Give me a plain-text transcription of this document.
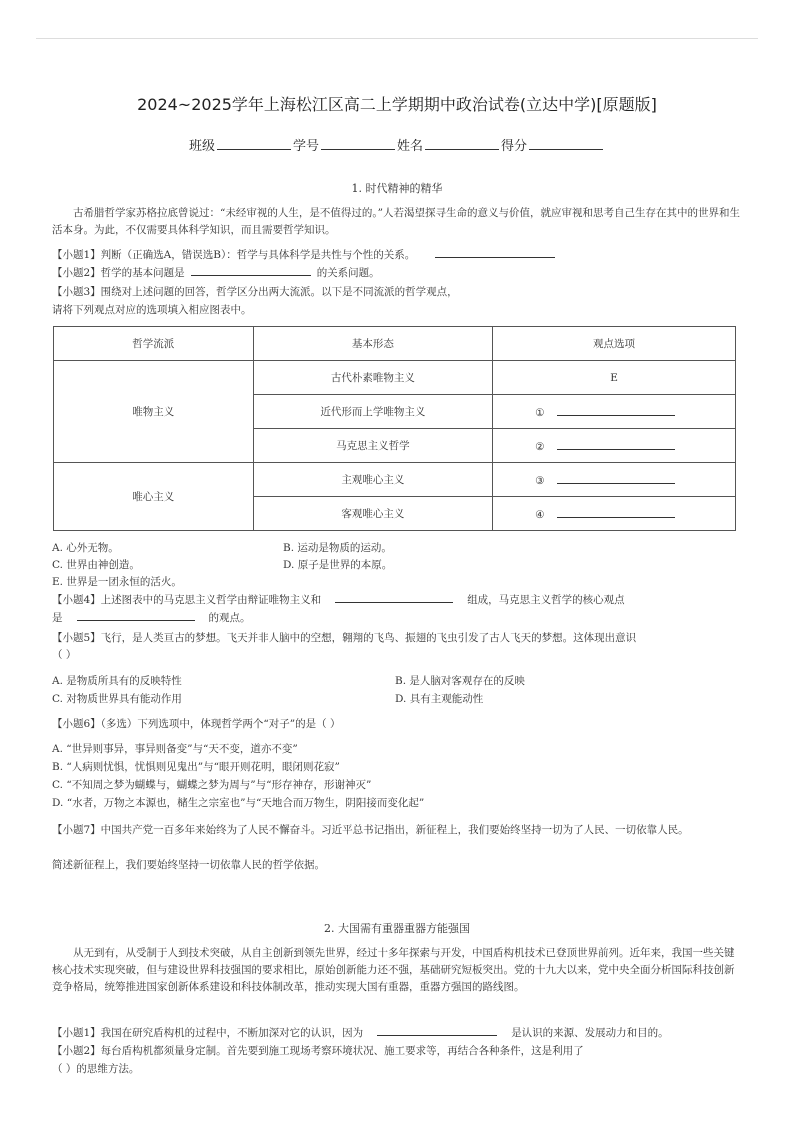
2024~2025学年上海松江区高二上学期期中政治试卷(立达中学)[原题版]
班级	学号	姓名	得分
1. 时代精神的精华
古希腊哲学家苏格拉底曾说过：“未经审视的人生，是不值得过的。”人若渴望探寻生命的意义与价值，就应审视和思考自己生存在其中的世界和生活本身。为此，不仅需要具体科学知识，而且需要哲学知识。
【小题1】判断（正确选A，错误选B）：哲学与具体科学是共性与个性的关系。
【小题2】哲学的基本问题是	的关系问题。
【小题3】围绕对上述问题的回答，哲学区分出两大流派。以下是不同流派的哲学观点，
请将下列观点对应的选项填入相应图表中。
哲学流派	基本形态	观点选项
唯物主义	古代朴素唯物主义	E
	近代形而上学唯物主义	①
	马克思主义哲学	②
唯心主义	主观唯心主义	③
	客观唯心主义	④
A. 心外无物。	B. 运动是物质的运动。
C. 世界由神创造。	D. 原子是世界的本原。
E. 世界是一团永恒的活火。
【小题4】上述图表中的马克思主义哲学由辩证唯物主义和	组成，马克思主义哲学的核心观点
是	的观点。
【小题5】飞行，是人类亘古的梦想。飞天并非人脑中的空想，翱翔的飞鸟、振翅的飞虫引发了古人飞天的梦想。这体现出意识
（ ）
A. 是物质所具有的反映特性	B. 是人脑对客观存在的反映
C. 对物质世界具有能动作用	D. 具有主观能动性
【小题6】（多选）下列选项中，体现哲学两个“对子”的是（ ）
A. “世异则事异，事异则备变”与“天不变，道亦不变”
B. “人病则忧惧，忧惧则见鬼出”与“眼开则花明，眼闭则花寂”
C. “不知周之梦为蝴蝶与，蝴蝶之梦为周与”与“形存神存，形谢神灭”
D. “水者，万物之本源也，槠生之宗室也”与“天地合而万物生，阴阳接而变化起”
【小题7】中国共产党一百多年来始终为了人民不懈奋斗。习近平总书记指出，新征程上，我们要始终坚持一切为了人民、一切依靠人民。
简述新征程上，我们要始终坚持一切依靠人民的哲学依据。
2. 大国需有重器重器方能强国
从无到有，从受制于人到技术突破，从自主创新到领先世界，经过十多年探索与开发，中国盾构机技术已登顶世界前列。近年来，我国一些关键核心技术实现突破，但与建设世界科技强国的要求相比，原始创新能力还不强，基础研究短板突出。党的十九大以来，党中央全面分析国际科技创新竞争格局，统筹推进国家创新体系建设和科技体制改革，推动实现大国有重器，重器方强国的路线图。
【小题1】我国在研究盾构机的过程中，不断加深对它的认识，因为	是认识的来源、发展动力和目的。
【小题2】每台盾构机都须量身定制。首先要到施工现场考察环境状况、施工要求等，再结合各种条件，这是利用了
（ ）的思维方法。
